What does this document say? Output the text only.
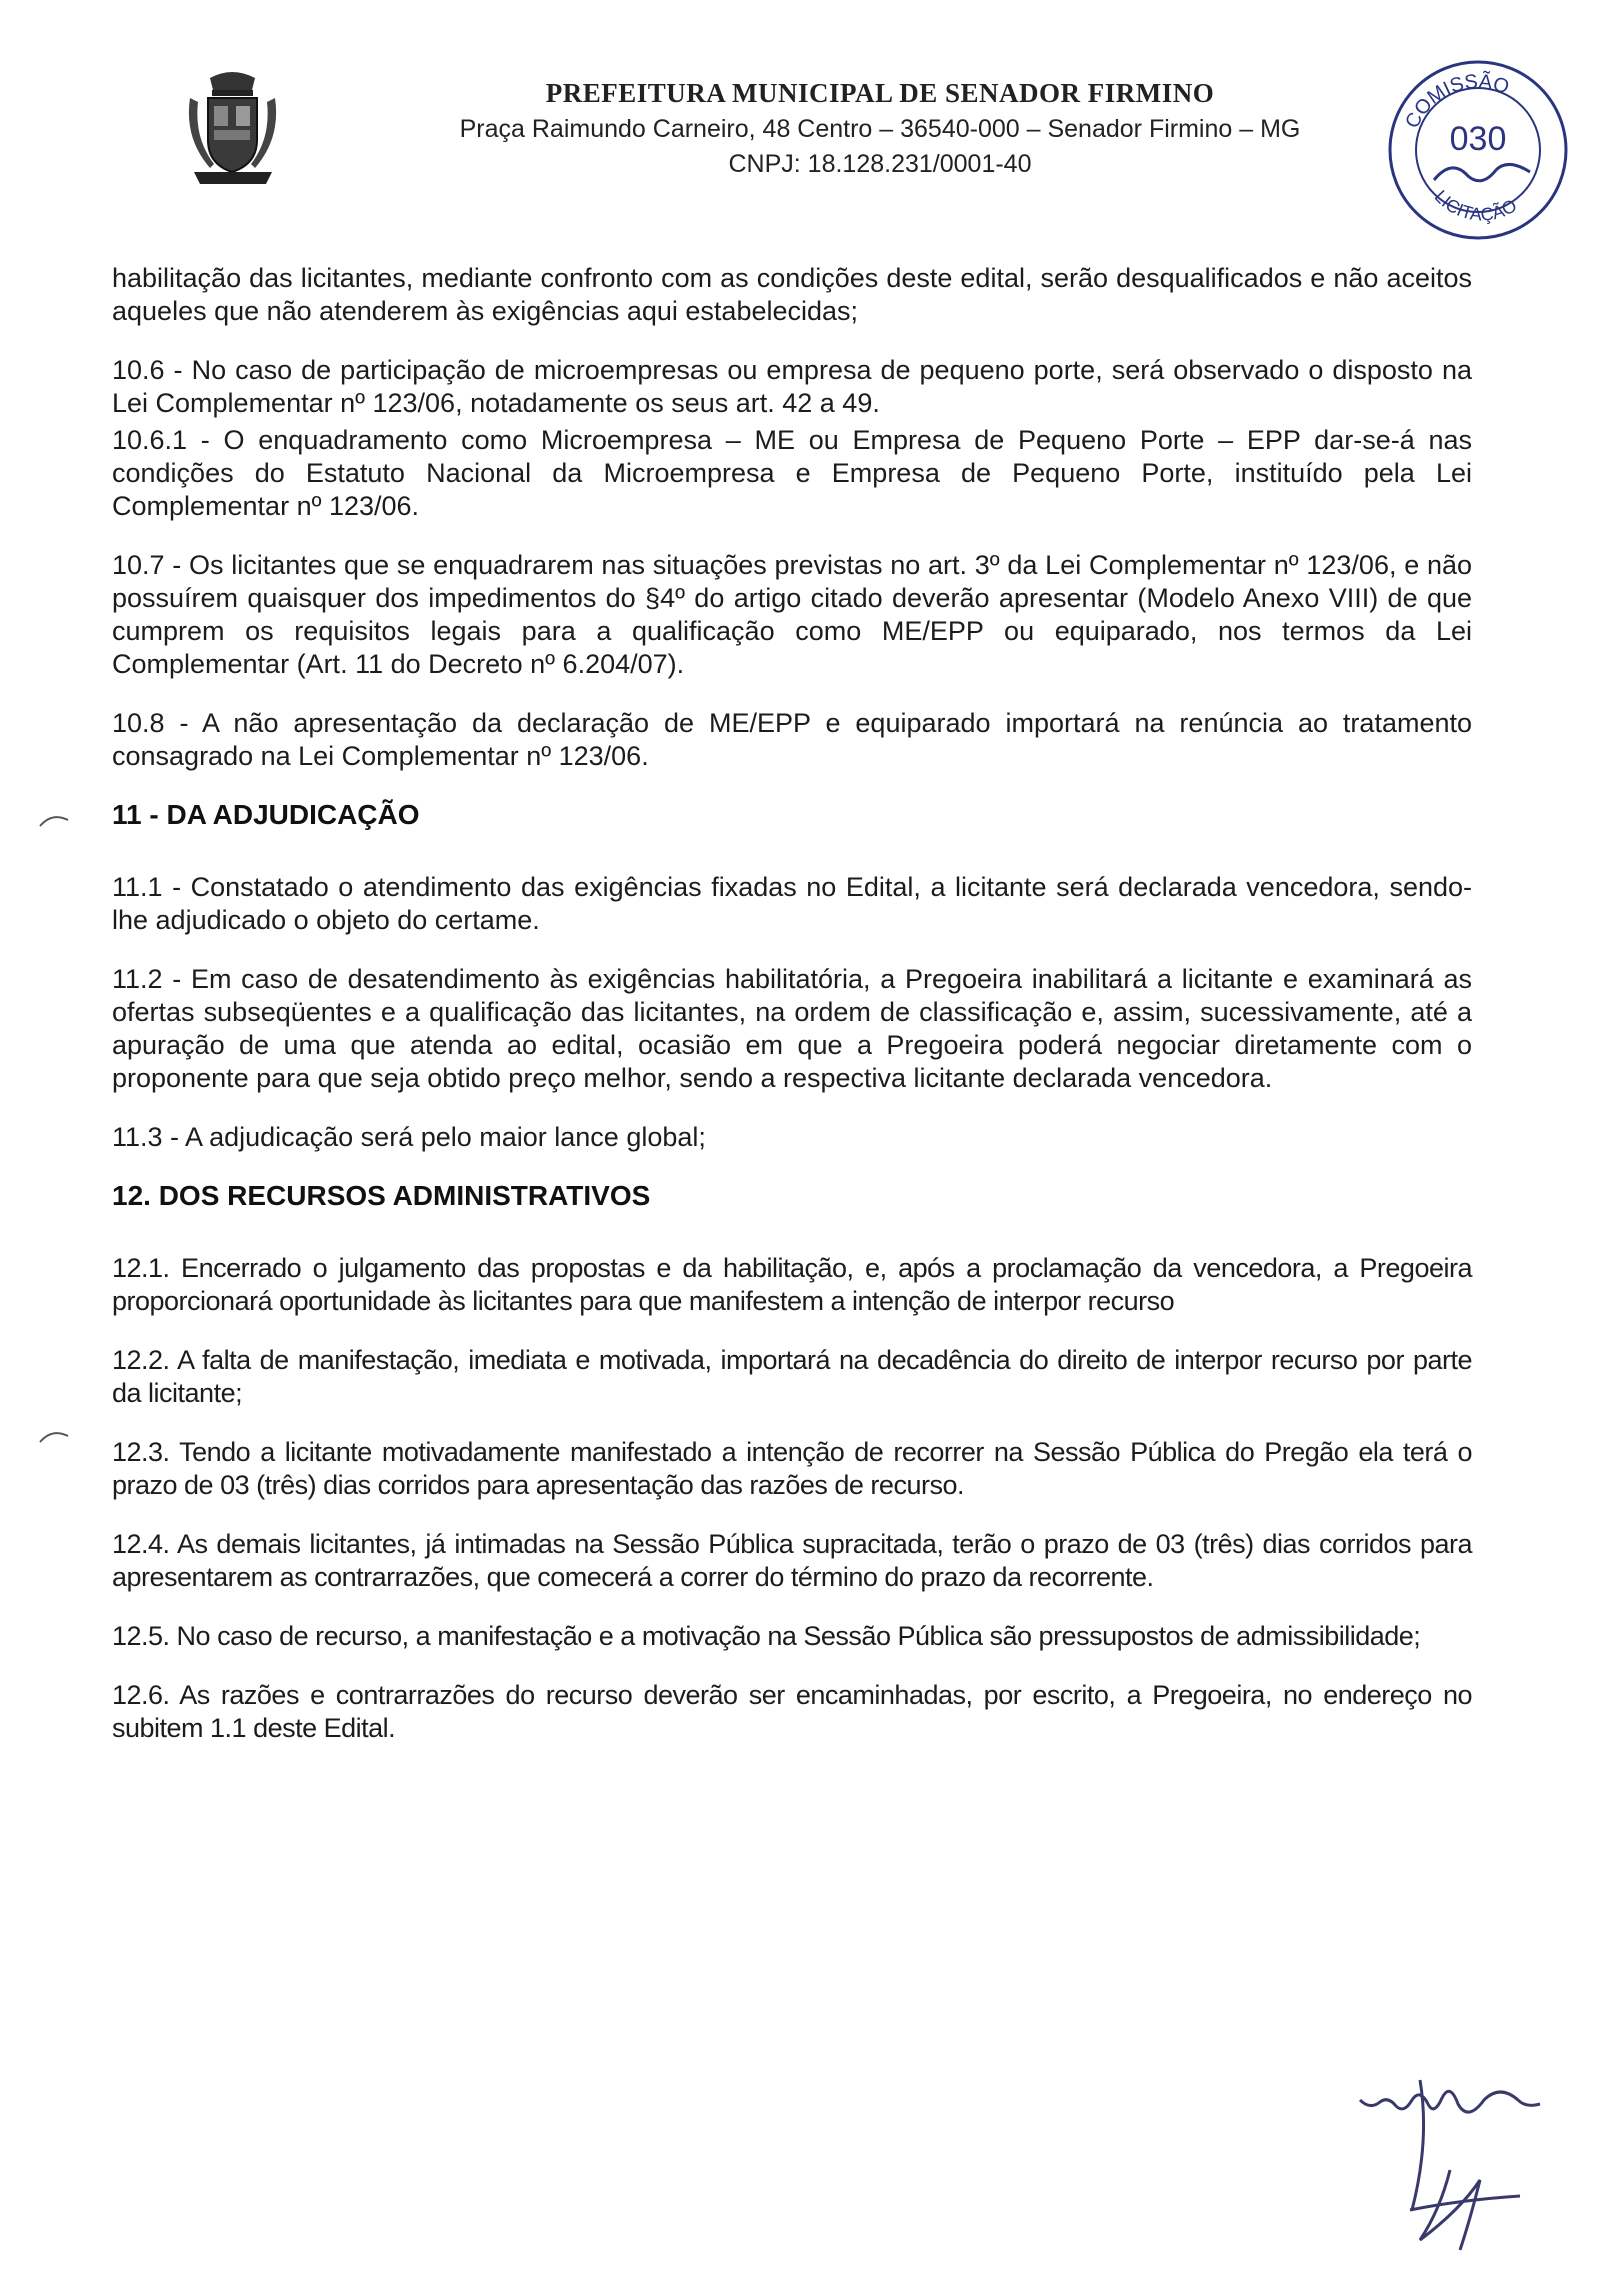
PREFEITURA MUNICIPAL DE SENADOR FIRMINO
Praça Raimundo Carneiro, 48 Centro – 36540-000 – Senador Firmino – MG
CNPJ: 18.128.231/0001-40
COMISSÃO
030
LICITAÇÃO

habilitação das licitantes, mediante confronto com as condições deste edital, serão desqualificados e não aceitos aqueles que não atenderem às exigências aqui estabelecidas;

10.6 - No caso de participação de microempresas ou empresa de pequeno porte, será observado o disposto na Lei Complementar nº 123/06, notadamente os seus art. 42 a 49.

10.6.1 - O enquadramento como Microempresa – ME ou Empresa de Pequeno Porte – EPP dar-se-á nas condições do Estatuto Nacional da Microempresa e Empresa de Pequeno Porte, instituído pela Lei Complementar nº 123/06.

10.7 - Os licitantes que se enquadrarem nas situações previstas no art. 3º da Lei Complementar nº 123/06, e não possuírem quaisquer dos impedimentos do §4º do artigo citado deverão apresentar (Modelo Anexo VIII) de que cumprem os requisitos legais para a qualificação como ME/EPP ou equiparado, nos termos da Lei Complementar (Art. 11 do Decreto nº 6.204/07).

10.8 - A não apresentação da declaração de ME/EPP e equiparado importará na renúncia ao tratamento consagrado na Lei Complementar nº 123/06.

11 - DA ADJUDICAÇÃO

11.1 - Constatado o atendimento das exigências fixadas no Edital, a licitante será declarada vencedora, sendo-lhe adjudicado o objeto do certame.

11.2 - Em caso de desatendimento às exigências habilitatória, a Pregoeira inabilitará a licitante e examinará as ofertas subseqüentes e a qualificação das licitantes, na ordem de classificação e, assim, sucessivamente, até a apuração de uma que atenda ao edital, ocasião em que a Pregoeira poderá negociar diretamente com o proponente para que seja obtido preço melhor, sendo a respectiva licitante declarada vencedora.

11.3 - A adjudicação será pelo maior lance global;

12. DOS RECURSOS ADMINISTRATIVOS

12.1. Encerrado o julgamento das propostas e da habilitação, e, após a proclamação da vencedora, a Pregoeira proporcionará oportunidade às licitantes para que manifestem a intenção de interpor recurso

12.2. A falta de manifestação, imediata e motivada, importará na decadência do direito de interpor recurso por parte da licitante;

12.3. Tendo a licitante motivadamente manifestado a intenção de recorrer na Sessão Pública do Pregão ela terá o prazo de 03 (três) dias corridos para apresentação das razões de recurso.

12.4. As demais licitantes, já intimadas na Sessão Pública supracitada, terão o prazo de 03 (três) dias corridos para apresentarem as contrarrazões, que comecerá a correr do término do prazo da recorrente.

12.5. No caso de recurso, a manifestação e a motivação na Sessão Pública são pressupostos de admissibilidade;

12.6. As razões e contrarrazões do recurso deverão ser encaminhadas, por escrito, a Pregoeira, no endereço no subitem 1.1 deste Edital.
